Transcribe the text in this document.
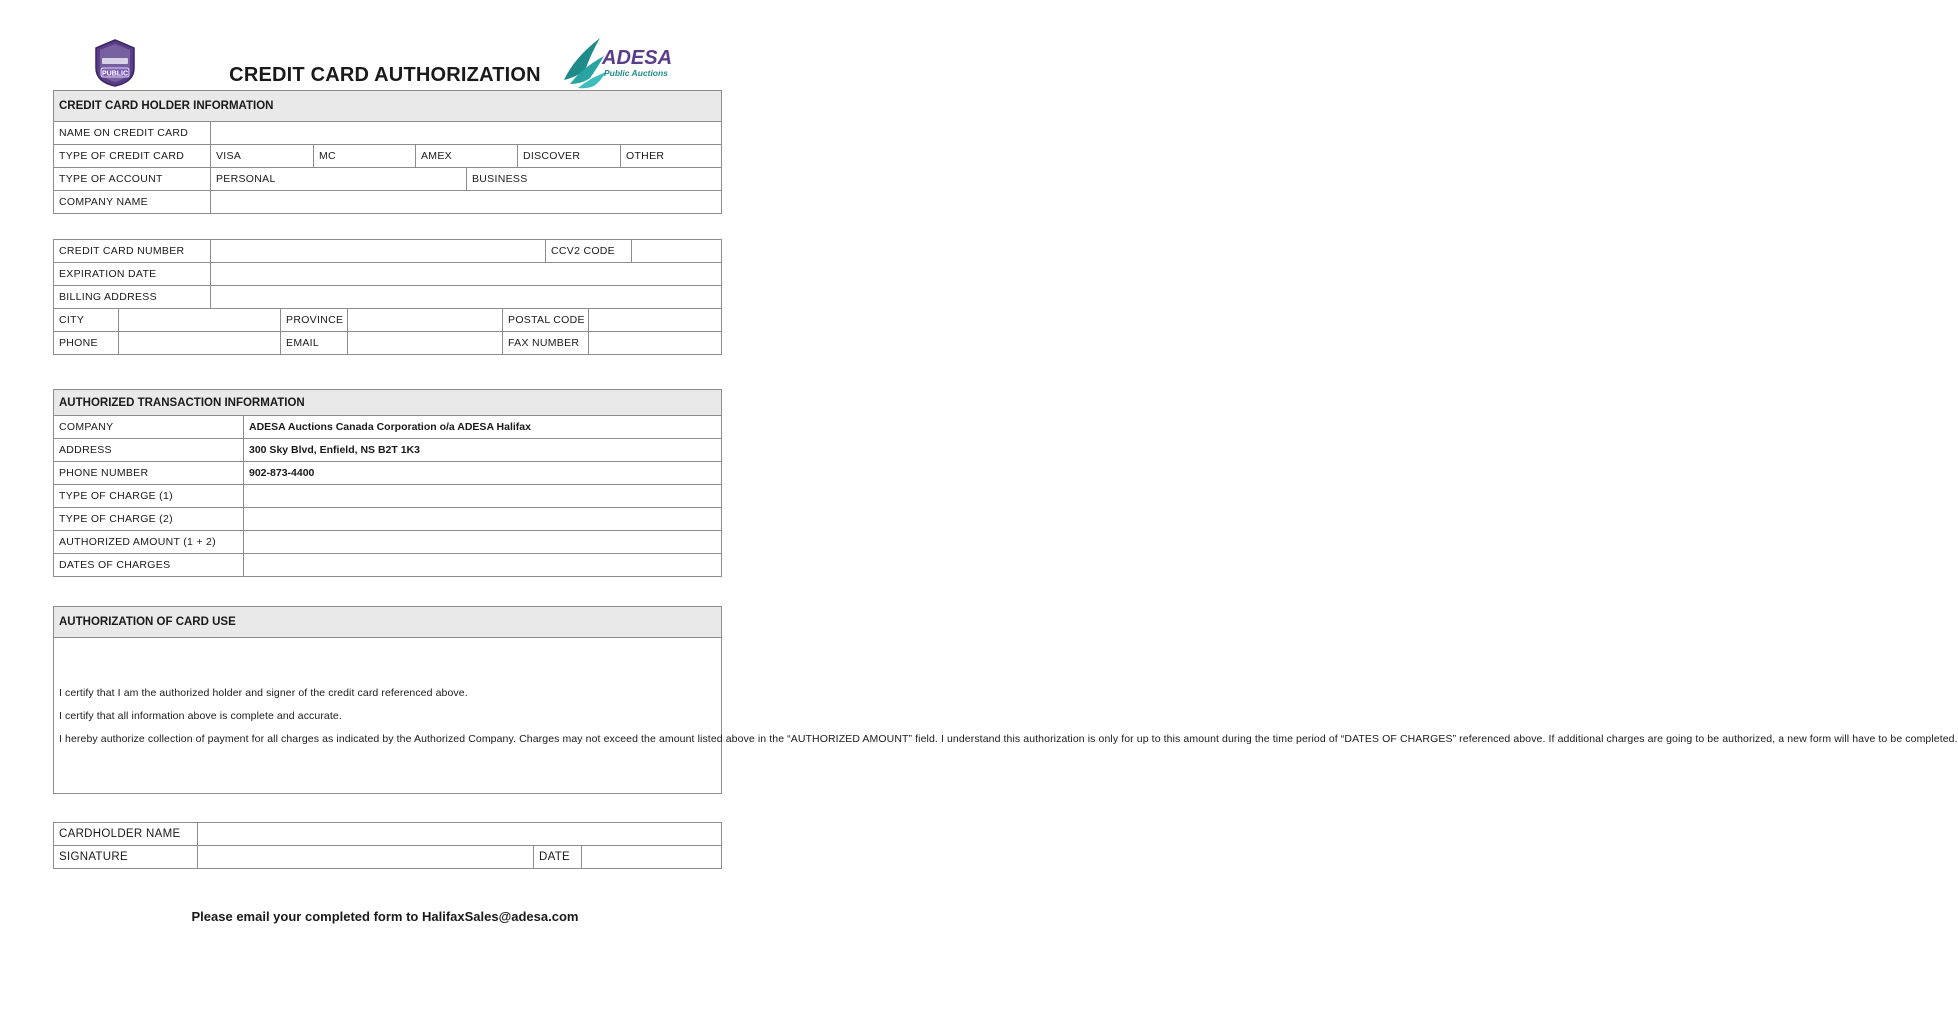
PUBLIC
ADESA
Public Auctions
CREDIT CARD AUTHORIZATION
CREDIT CARD HOLDER INFORMATION						
NAME ON CREDIT CARD						
TYPE OF CREDIT CARD	VISA	MC	AMEX		DISCOVER	OTHER
TYPE OF ACCOUNT	PERSONAL			BUSINESS		
COMPANY NAME						
CREDIT CARD NUMBER						CCV2 CODE		
EXPIRATION DATE								
BILLING ADDRESS								
CITY			PROVINCE		POSTAL CODE			
PHONE			EMAIL		FAX NUMBER			
AUTHORIZED TRANSACTION INFORMATION	
COMPANY	ADESA Auctions Canada Corporation o/a ADESA Halifax
ADDRESS	300 Sky Blvd, Enfield, NS B2T 1K3
PHONE NUMBER	902-873-4400
TYPE OF CHARGE (1)	
TYPE OF CHARGE (2)	
AUTHORIZED AMOUNT (1 + 2)	
DATES OF CHARGES	
AUTHORIZATION OF CARD USE

I certify that I am the authorized holder and signer of the credit card referenced above.
I certify that all information above is complete and accurate.
I hereby authorize collection of payment for all charges as indicated by the Authorized Company. Charges may not exceed the amount listed above in the “AUTHORIZED AMOUNT” field. I understand this authorization is only for up to this amount during the time period of “DATES OF CHARGES” referenced above. If additional charges are going to be authorized, a new form will have to be completed.
CARDHOLDER NAME			
SIGNATURE		DATE	
Please email your completed form to HalifaxSales@adesa.com
